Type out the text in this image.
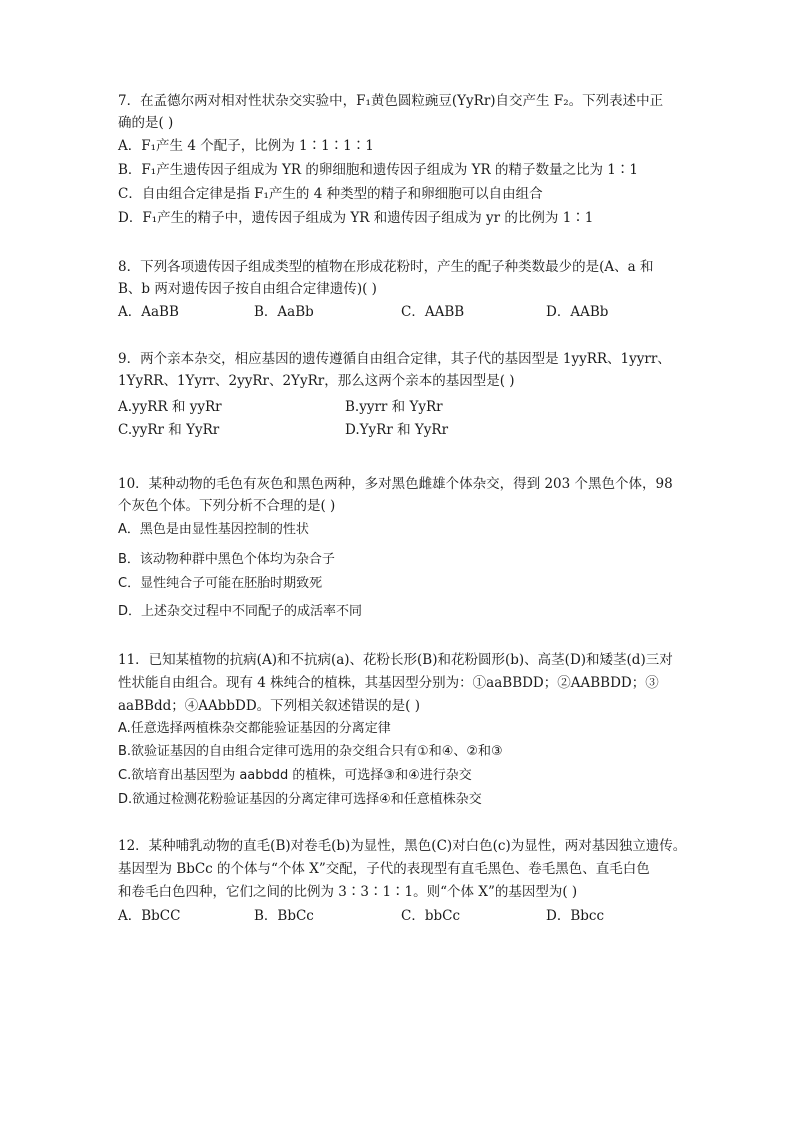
7．在孟德尔两对相对性状杂交实验中，F₁黄色圆粒豌豆(YyRr)自交产生 F₂。下列表述中正
确的是( )
A．F₁产生 4 个配子，比例为 1∶1∶1∶1
B．F₁产生遗传因子组成为 YR 的卵细胞和遗传因子组成为 YR 的精子数量之比为 1∶1
C．自由组合定律是指 F₁产生的 4 种类型的精子和卵细胞可以自由组合
D．F₁产生的精子中，遗传因子组成为 YR 和遗传因子组成为 yr 的比例为 1∶1
8．下列各项遗传因子组成类型的植物在形成花粉时，产生的配子种类数最少的是(A、a 和
B、b 两对遗传因子按自由组合定律遗传)( )
A．AaBB	B．AaBb	C．AABB	D．AABb
9．两个亲本杂交，相应基因的遗传遵循自由组合定律，其子代的基因型是 1yyRR、1yyrr、
1YyRR、1Yyrr、2yyRr、2YyRr，那么这两个亲本的基因型是( )
A.yyRR 和 yyRr	B.yyrr 和 YyRr
C.yyRr 和 YyRr	D.YyRr 和 YyRr
10．某种动物的毛色有灰色和黑色两种，多对黑色雌雄个体杂交，得到 203 个黑色个体，98
个灰色个体。下列分析不合理的是( )
A．黑色是由显性基因控制的性状
B．该动物种群中黑色个体均为杂合子
C．显性纯合子可能在胚胎时期致死
D．上述杂交过程中不同配子的成活率不同
11．已知某植物的抗病(A)和不抗病(a)、花粉长形(B)和花粉圆形(b)、高茎(D)和矮茎(d)三对
性状能自由组合。现有 4 株纯合的植株，其基因型分别为：①aaBBDD；②AABBDD；③
aaBBdd；④AAbbDD。下列相关叙述错误的是( )
A.任意选择两植株杂交都能验证基因的分离定律
B.欲验证基因的自由组合定律可选用的杂交组合只有①和④、②和③
C.欲培育出基因型为 aabbdd 的植株，可选择③和④进行杂交
D.欲通过检测花粉验证基因的分离定律可选择④和任意植株杂交
12．某种哺乳动物的直毛(B)对卷毛(b)为显性，黑色(C)对白色(c)为显性，两对基因独立遗传。
基因型为 BbCc 的个体与“个体 X”交配，子代的表现型有直毛黑色、卷毛黑色、直毛白色
和卷毛白色四种，它们之间的比例为 3∶3∶1∶1。则“个体 X”的基因型为( )
A．BbCC	B．BbCc	C．bbCc	D．Bbcc
